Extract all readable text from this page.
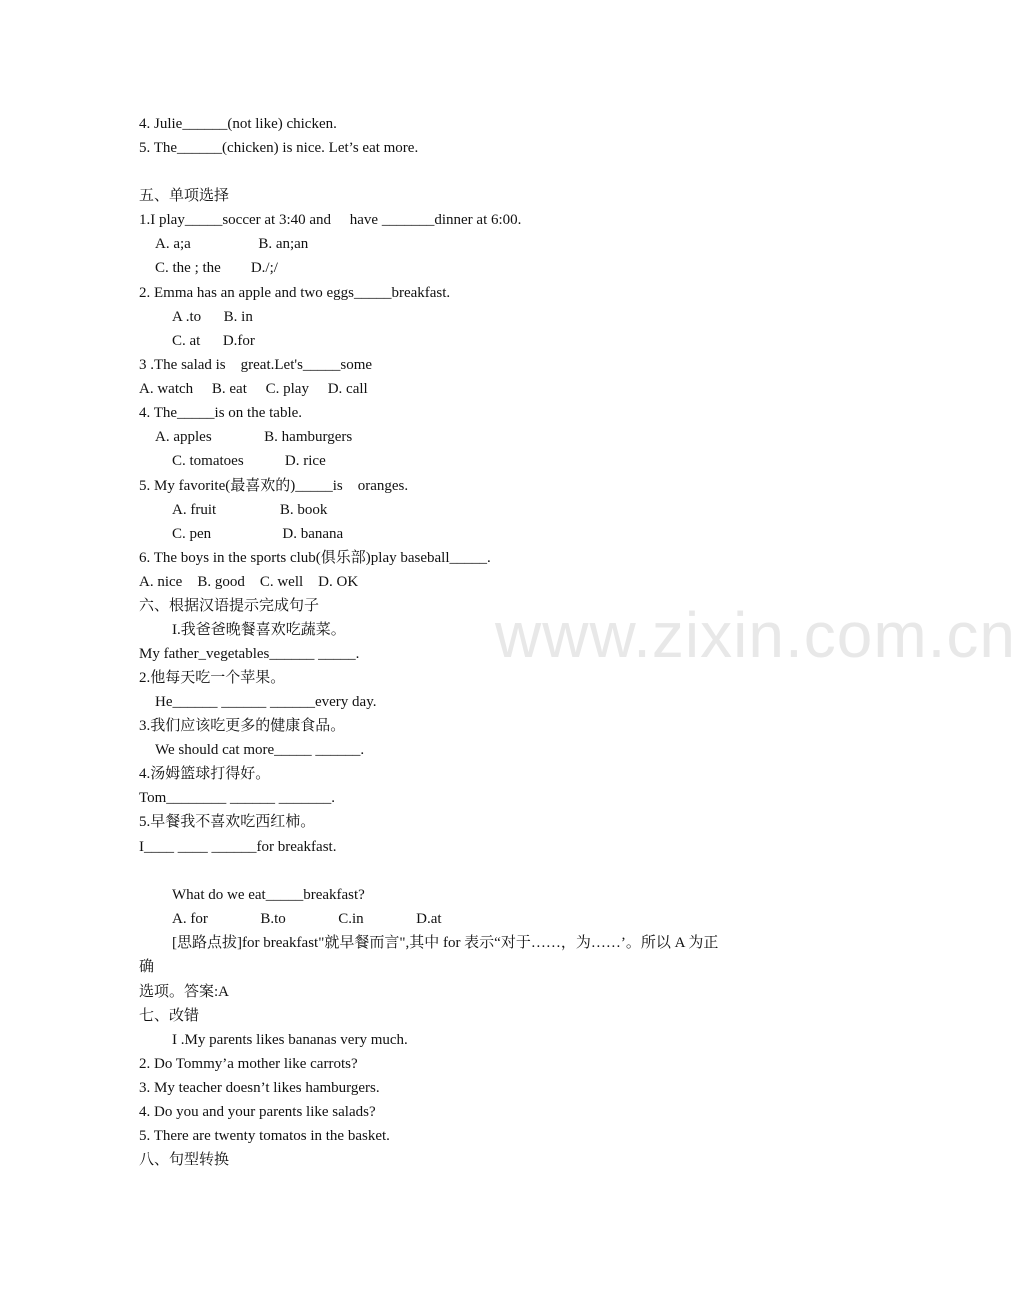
www.zixin.com.cn
4. Julie______(not like) chicken.
5. The______(chicken) is nice. Let’s eat more.
五、单项选择
1.I play_____soccer at 3:40 and     have _______dinner at 6:00.
A. a;a                  B. an;an
C. the ; the        D./;/
2. Emma has an apple and two eggs_____breakfast.
A .to      B. in
C. at      D.for
3 .The salad is    great.Let's_____some
A. watch     B. eat     C. play     D. call
4. The_____is on the table.
A. apples              B. hamburgers
C. tomatoes           D. rice
5. My favorite(最喜欢的)_____is    oranges.
A. fruit                 B. book
C. pen                   D. banana
6. The boys in the sports club(俱乐部)play baseball_____.
A. nice    B. good    C. well    D. OK
六、根据汉语提示完成句子
I.我爸爸晚餐喜欢吃蔬菜。
My father_vegetables______ _____.
2.他每天吃一个苹果。
He______ ______ ______every day.
3.我们应该吃更多的健康食品。
We should cat more_____ ______.
4.汤姆篮球打得好。
Tom________ ______ _______.
5.早餐我不喜欢吃西红柿。
I____ ____ ______for breakfast.
What do we eat_____breakfast?
A. for              B.to              C.in              D.at
[思路点拔]for breakfast"就早餐而言",其中 for 表示“对于……，为……’。所以 A 为正
确
选项。答案:A
七、改错
I .My parents likes bananas very much.
2. Do Tommy’a mother like carrots?
3. My teacher doesn’t likes hamburgers.
4. Do you and your parents like salads?
5. There are twenty tomatos in the basket.
八、句型转换
